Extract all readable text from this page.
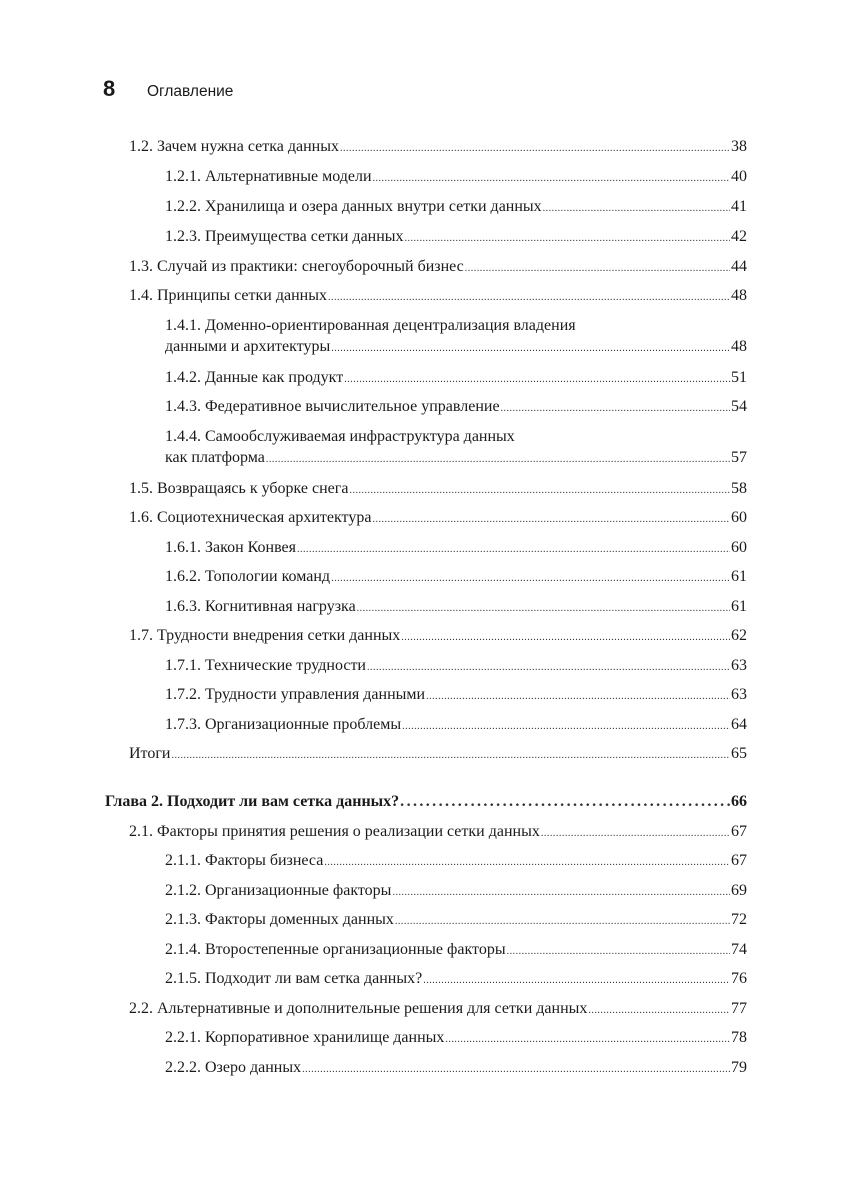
8	Оглавление
1.2. Зачем нужна сетка данных .....	38
1.2.1. Альтернативные модели .....	40
1.2.2. Хранилища и озера данных внутри сетки данных .....	41
1.2.3. Преимущества сетки данных .....	42
1.3. Случай из практики: снегоуборочный бизнес .....	44
1.4. Принципы сетки данных .....	48
1.4.1. Доменно-ориентированная децентрализация владения
данными и архитектуры .....	48
1.4.2. Данные как продукт .....	51
1.4.3. Федеративное вычислительное управление .....	54
1.4.4. Самообслуживаемая инфраструктура данных
как платформа .....	57
1.5. Возвращаясь к уборке снега .....	58
1.6. Социотехническая архитектура .....	60
1.6.1. Закон Конвея .....	60
1.6.2. Топологии команд .....	61
1.6.3. Когнитивная нагрузка .....	61
1.7. Трудности внедрения сетки данных .....	62
1.7.1. Технические трудности .....	63
1.7.2. Трудности управления данными .....	63
1.7.3. Организационные проблемы .....	64
Итоги .....	65
Глава 2. Подходит ли вам сетка данных? .....	66
2.1. Факторы принятия решения о реализации сетки данных .....	67
2.1.1. Факторы бизнеса .....	67
2.1.2. Организационные факторы .....	69
2.1.3. Факторы доменных данных .....	72
2.1.4. Второстепенные организационные факторы .....	74
2.1.5. Подходит ли вам сетка данных? .....	76
2.2. Альтернативные и дополнительные решения для сетки данных .....	77
2.2.1. Корпоративное хранилище данных .....	78
2.2.2. Озеро данных .....	79
